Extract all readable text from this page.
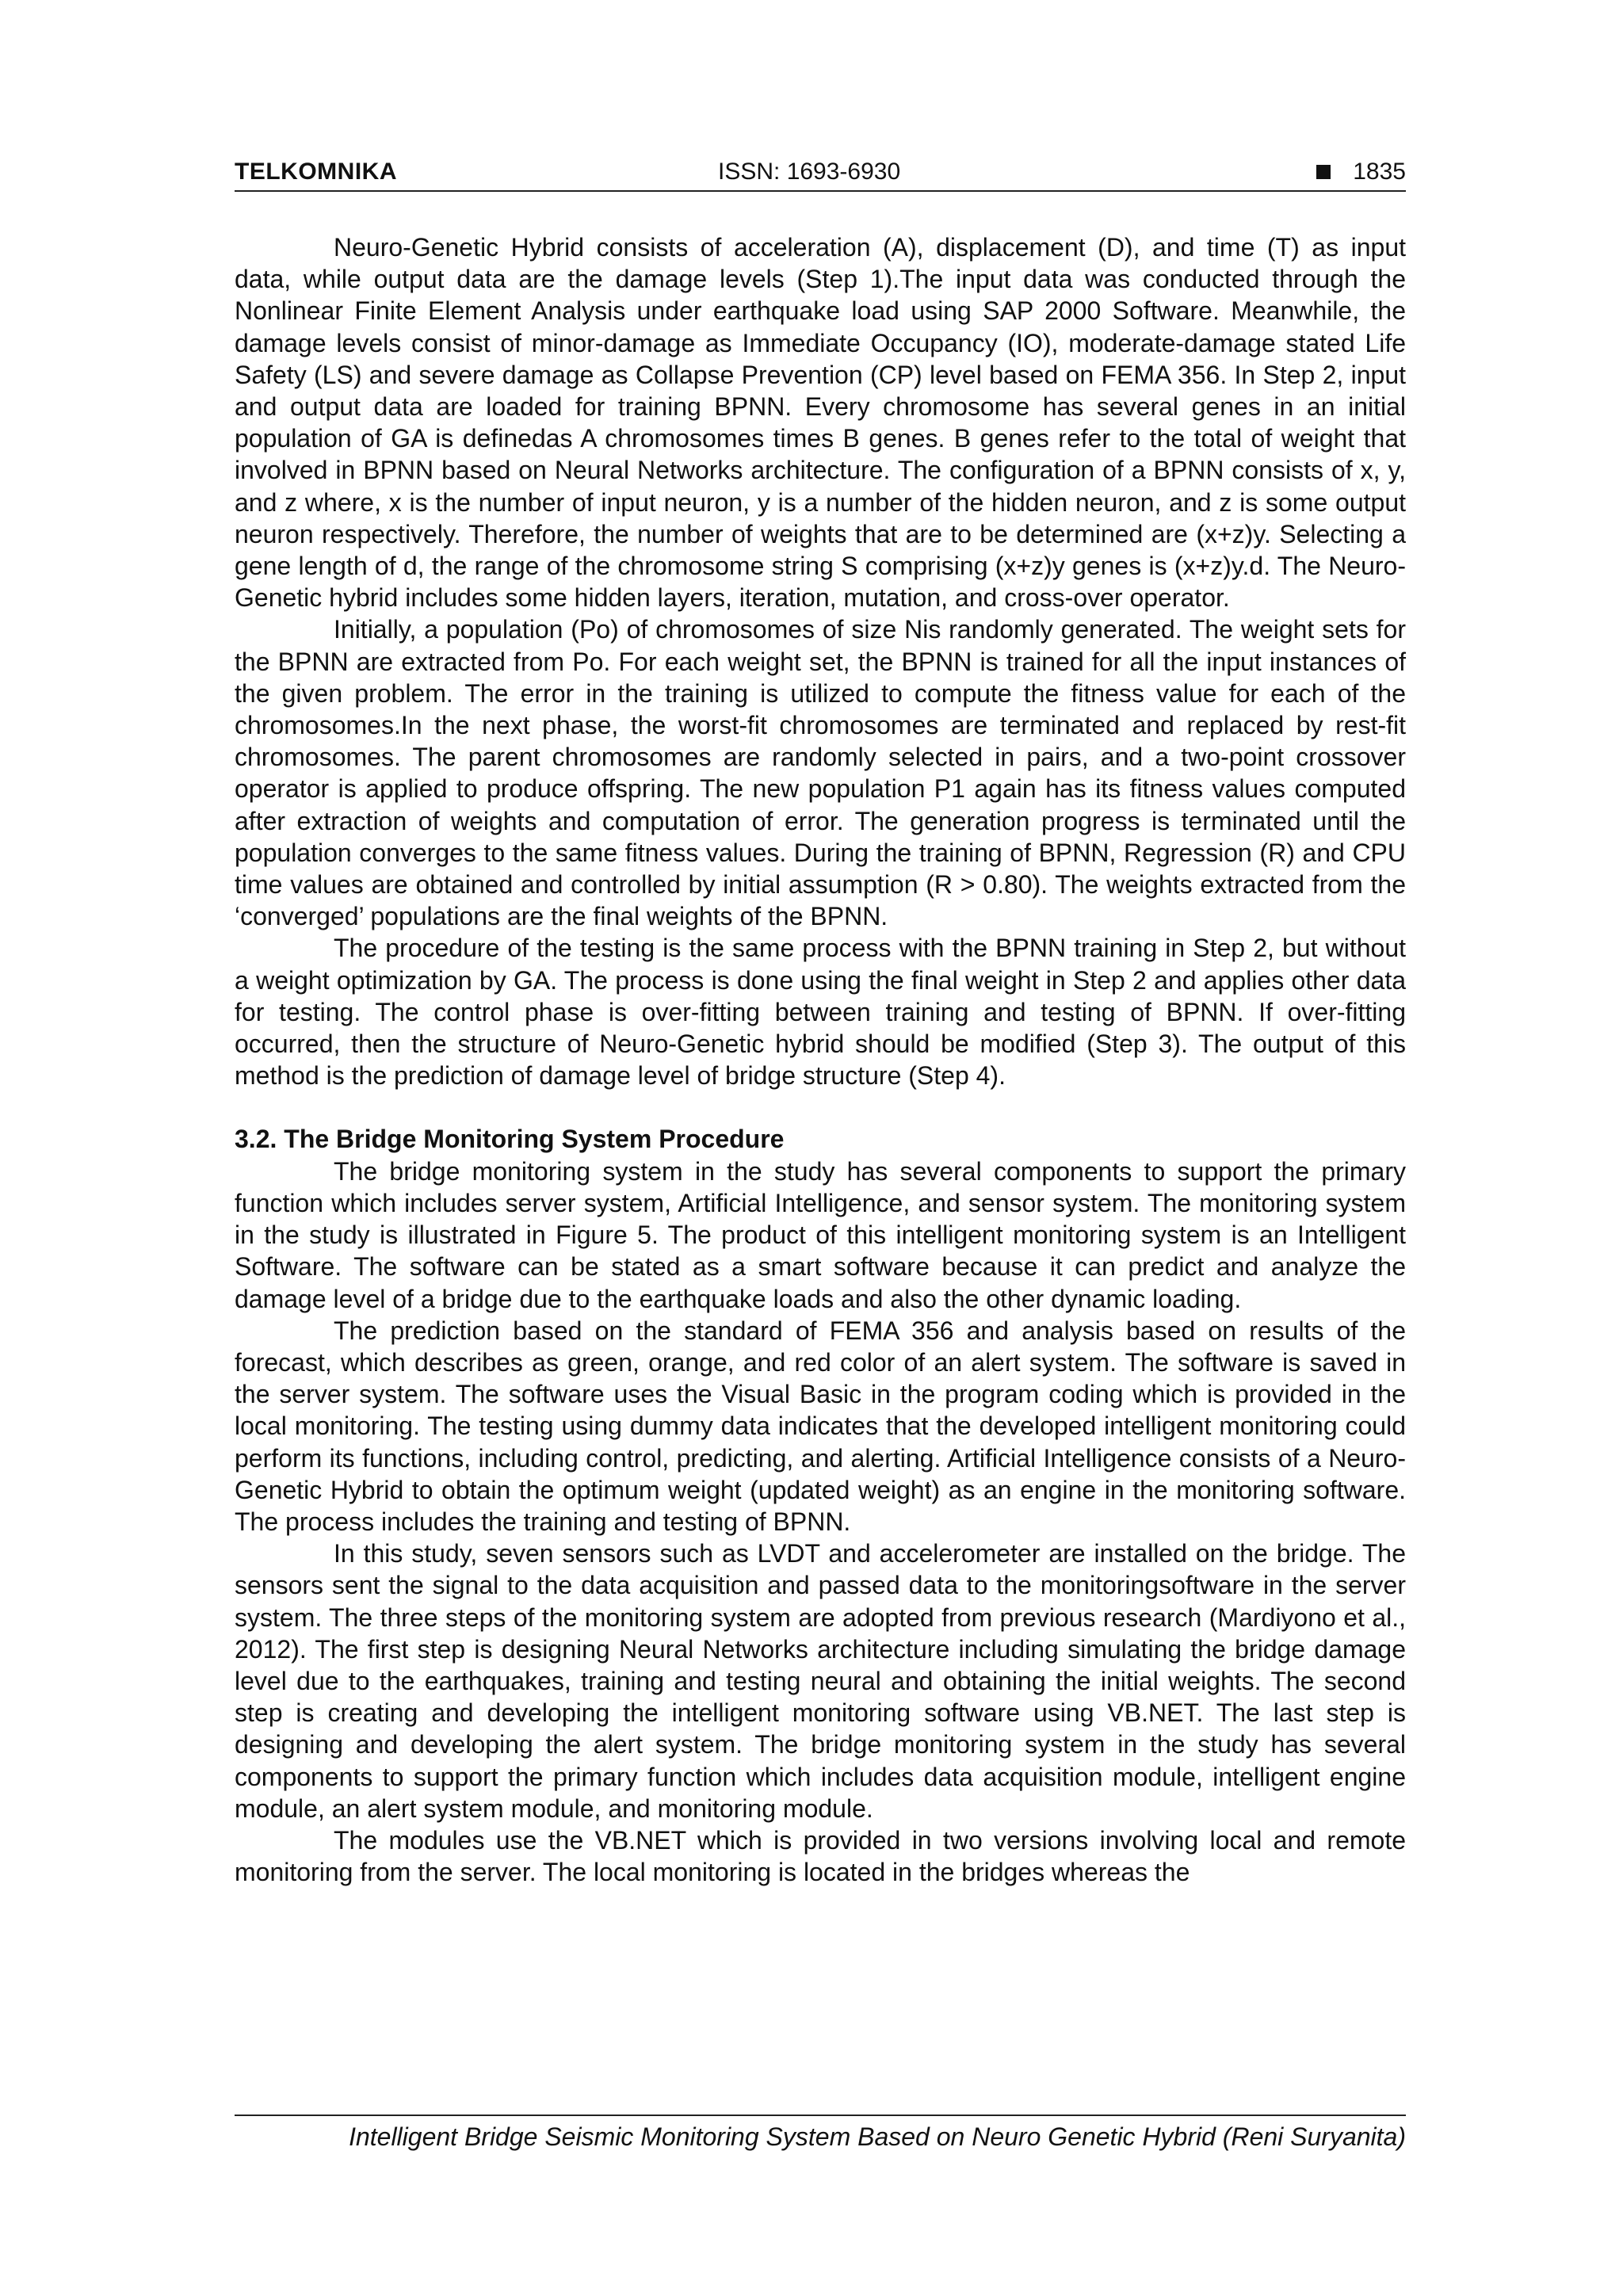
TELKOMNIKA	ISSN: 1693-6930	1835

Neuro-Genetic Hybrid consists of acceleration (A), displacement (D), and time (T) as input data, while output data are the damage levels (Step 1).The input data was conducted through the Nonlinear Finite Element Analysis under earthquake load using SAP 2000 Software. Meanwhile, the damage levels consist of minor-damage as Immediate Occupancy (IO), moderate-damage stated Life Safety (LS) and severe damage as Collapse Prevention (CP) level based on FEMA 356. In Step 2, input and output data are loaded for training BPNN. Every chromosome has several genes in an initial population of GA is definedas A chromosomes times B genes. B genes refer to the total of weight that involved in BPNN based on Neural Networks architecture. The configuration of a BPNN consists of x, y, and z where, x is the number of input neuron, y is a number of the hidden neuron, and z is some output neuron respectively. Therefore, the number of weights that are to be determined are (x+z)y. Selecting a gene length of d, the range of the chromosome string S comprising (x+z)y genes is (x+z)y.d. The Neuro-Genetic hybrid includes some hidden layers, iteration, mutation, and cross-over operator.

Initially, a population (Po) of chromosomes of size Nis randomly generated. The weight sets for the BPNN are extracted from Po. For each weight set, the BPNN is trained for all the input instances of the given problem. The error in the training is utilized to compute the fitness value for each of the chromosomes.In the next phase, the worst-fit chromosomes are terminated and replaced by rest-fit chromosomes. The parent chromosomes are randomly selected in pairs, and a two-point crossover operator is applied to produce offspring. The new population P1 again has its fitness values computed after extraction of weights and computation of error. The generation progress is terminated until the population converges to the same fitness values. During the training of BPNN, Regression (R) and CPU time values are obtained and controlled by initial assumption (R > 0.80). The weights extracted from the ‘converged’ populations are the final weights of the BPNN.

The procedure of the testing is the same process with the BPNN training in Step 2, but without a weight optimization by GA. The process is done using the final weight in Step 2 and applies other data for testing. The control phase is over-fitting between training and testing of BPNN. If over-fitting occurred, then the structure of Neuro-Genetic hybrid should be modified (Step 3). The output of this method is the prediction of damage level of bridge structure (Step 4).

3.2. The Bridge Monitoring System Procedure

The bridge monitoring system in the study has several components to support the primary function which includes server system, Artificial Intelligence, and sensor system. The monitoring system in the study is illustrated in Figure 5. The product of this intelligent monitoring system is an Intelligent Software. The software can be stated as a smart software because it can predict and analyze the damage level of a bridge due to the earthquake loads and also the other dynamic loading.

The prediction based on the standard of FEMA 356 and analysis based on results of the forecast, which describes as green, orange, and red color of an alert system. The software is saved in the server system. The software uses the Visual Basic in the program coding which is provided in the local monitoring. The testing using dummy data indicates that the developed intelligent monitoring could perform its functions, including control, predicting, and alerting. Artificial Intelligence consists of a Neuro-Genetic Hybrid to obtain the optimum weight (updated weight) as an engine in the monitoring software. The process includes the training and testing of BPNN.

In this study, seven sensors such as LVDT and accelerometer are installed on the bridge. The sensors sent the signal to the data acquisition and passed data to the monitoringsoftware in the server system. The three steps of the monitoring system are adopted from previous research (Mardiyono et al., 2012). The first step is designing Neural Networks architecture including simulating the bridge damage level due to the earthquakes, training and testing neural and obtaining the initial weights. The second step is creating and developing the intelligent monitoring software using VB.NET. The last step is designing and developing the alert system. The bridge monitoring system in the study has several components to support the primary function which includes data acquisition module, intelligent engine module, an alert system module, and monitoring module.

The modules use the VB.NET which is provided in two versions involving local and remote monitoring from the server. The local monitoring is located in the bridges whereas the

Intelligent Bridge Seismic Monitoring System Based on Neuro Genetic Hybrid (Reni Suryanita)
